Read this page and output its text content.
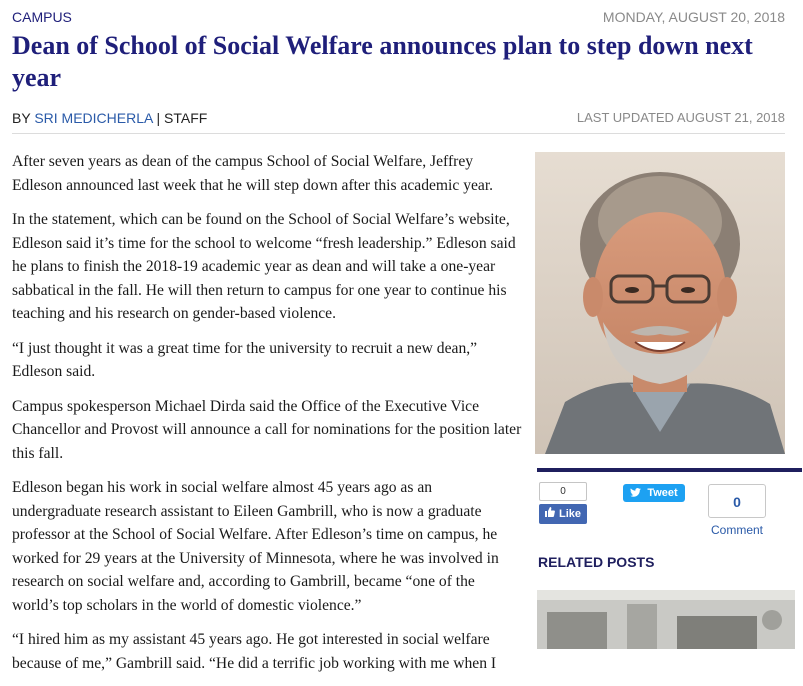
CAMPUS	MONDAY, AUGUST 20, 2018
Dean of School of Social Welfare announces plan to step down next year
BY SRI MEDICHERLA | STAFF	LAST UPDATED AUGUST 21, 2018

After seven years as dean of the campus School of Social Welfare, Jeffrey Edleson announced last week that he will step down after this academic year.

In the statement, which can be found on the School of Social Welfare’s website, Edleson said it’s time for the school to welcome “fresh leadership.” Edleson said he plans to finish the 2018-19 academic year as dean and will take a one-year sabbatical in the fall. He will then return to campus for one year to continue his teaching and his research on gender-based violence.

“I just thought it was a great time for the university to recruit a new dean,” Edleson said.

Campus spokesperson Michael Dirda said the Office of the Executive Vice Chancellor and Provost will announce a call for nominations for the position later this fall.

Edleson began his work in social welfare almost 45 years ago as an undergraduate research assistant to Eileen Gambrill, who is now a graduate professor at the School of Social Welfare. After Edleson’s time on campus, he worked for 29 years at the University of Minnesota, where he was involved in research on social welfare and, according to Gambrill, became “one of the world’s top scholars in the world of domestic violence.”

“I hired him as my assistant 45 years ago. He got interested in social welfare because of me,” Gambrill said. “He did a terrific job working with me when I

0
Like
Tweet
0
Comment
RELATED POSTS
